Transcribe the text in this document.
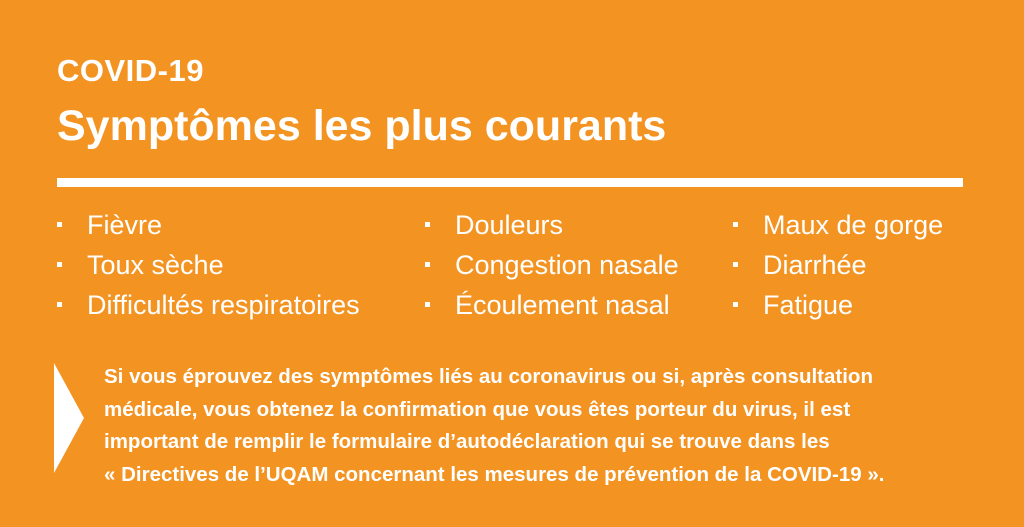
COVID-19
Symptômes les plus courants
Fièvre
Toux sèche
Difficultés respiratoires
Douleurs
Congestion nasale
Écoulement nasal
Maux de gorge
Diarrhée
Fatigue

Si vous éprouvez des symptômes liés au coronavirus ou si, après consultation
médicale, vous obtenez la confirmation que vous êtes porteur du virus, il est
important de remplir le formulaire d’autodéclaration qui se trouve dans les
« Directives de l’UQAM concernant les mesures de prévention de la COVID-19 ».
